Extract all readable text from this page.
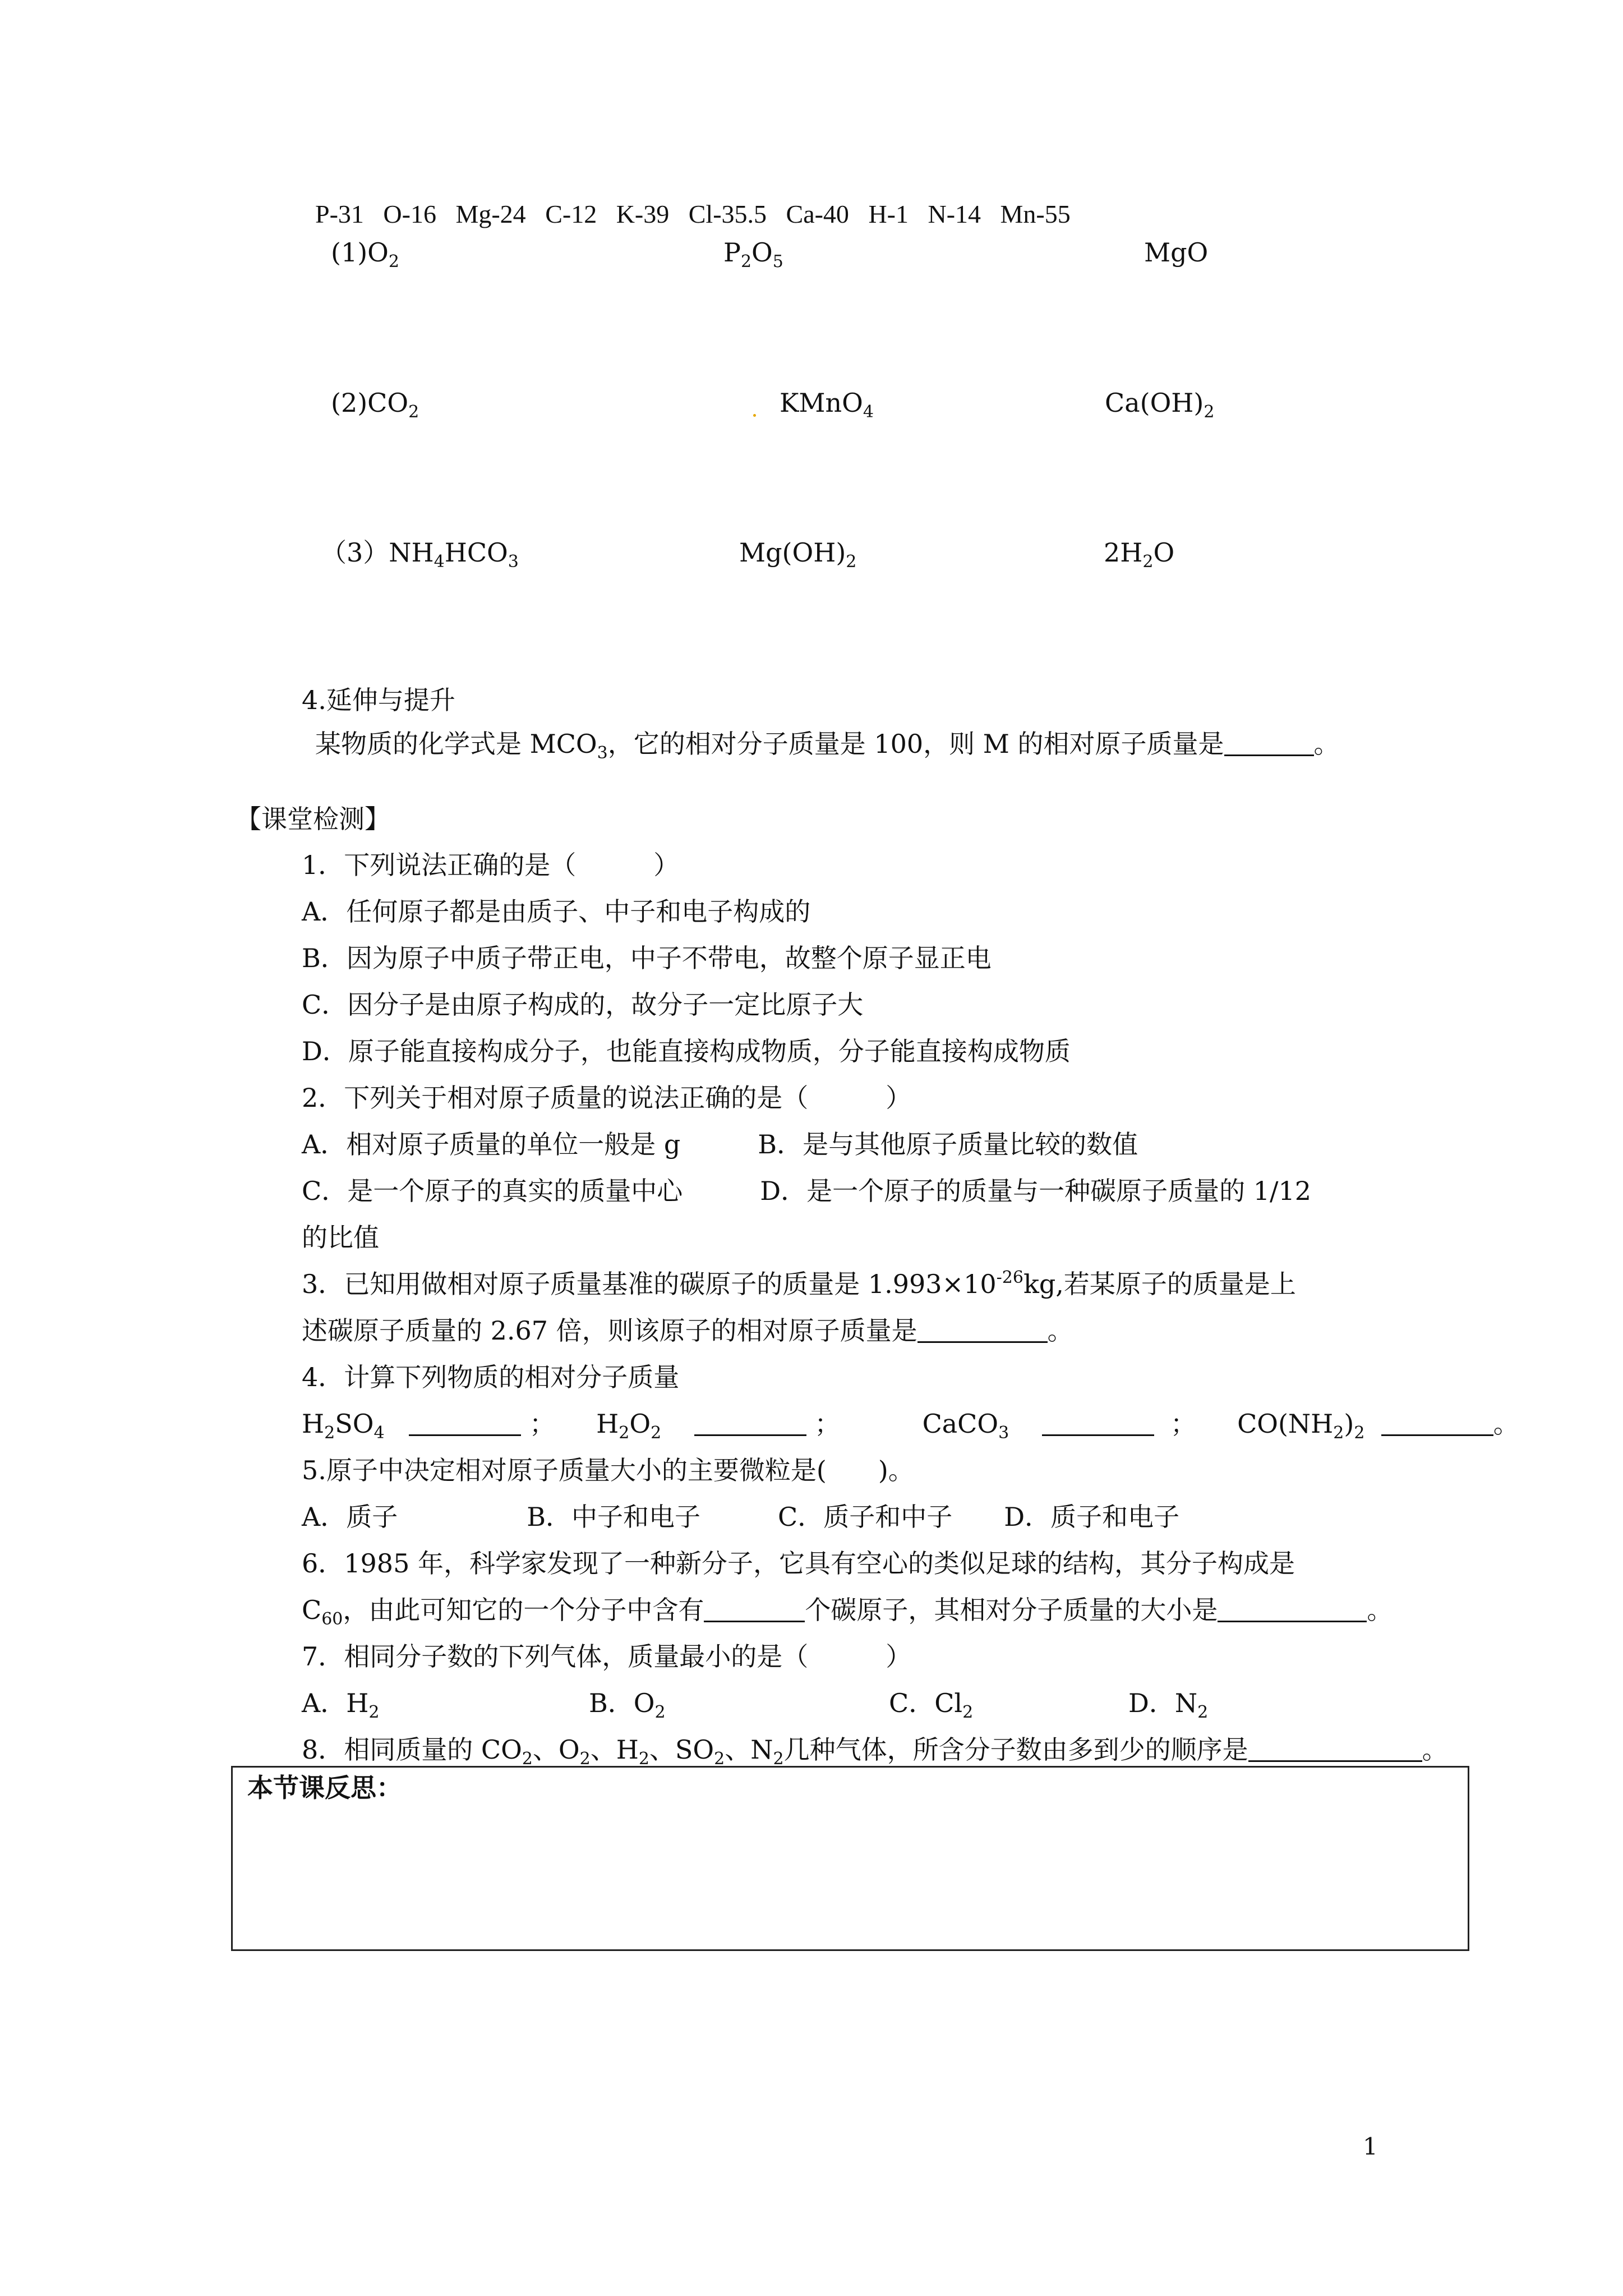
P-31 O-16 Mg-24 C-12 K-39 Cl-35.5 Ca-40 H-1 N-14 Mn-55
$(1)O_2$	$P_2O_5$	MgO
$(2)CO_2$	KMnO$_4$	$Ca(OH)_2$
$(3)NH_4HCO_3$	$Mg(OH)_2$	$2H_2O$
4.延伸与提升
某物质的化学式是 $MCO_3$，它的相对分子质量是 100，则 M 的相对原子质量是	。
【课堂检测】
1．下列说法正确的是（　　　）
A．任何原子都是由质子、中子和电子构成的
B．因为原子中质子带正电，中子不带电，故整个原子显正电
C．因分子是由原子构成的，故分子一定比原子大
D．原子能直接构成分子，也能直接构成物质，分子能直接构成物质
2．下列关于相对原子质量的说法正确的是（　　　）
A．相对原子质量的单位一般是 g　　　B．是与其他原子质量比较的数值
C．是一个原子的真实的质量中心　　　D．是一个原子的质量与一种碳原子质量的 1/12
的比值
3．已知用做相对原子质量基准的碳原子的质量是 $1.993\times 10^{-26}kg$,若某原子的质量是上
述碳原子质量的 2.67 倍，则该原子的相对原子质量是	。
4．计算下列物质的相对分子质量
$H_2SO_4$	； $H_2O_2$	；	CaCO$_3$	； $CO(NH_2)_2$	。
5.原子中决定相对原子质量大小的主要微粒是(　　)。
A．质子　　　　　B．中子和电子　　　C．质子和中子　　D．质子和电子
6．1985 年，科学家发现了一种新分子，它具有空心的类似足球的结构，其分子构成是
$C_{60}$，由此可知它的一个分子中含有	个碳原子，其相对分子质量的大小是	。
7．相同分子数的下列气体，质量最小的是（　　　）
A．$H_2$	B．$O_2$	C．$Cl_2$	D．$N_2$
8．相同质量的 $CO_2$、$O_2$、$H_2$、$SO_2$、$N_2$几种气体，所含分子数由多到少的顺序是	。
本节课反思：
1
